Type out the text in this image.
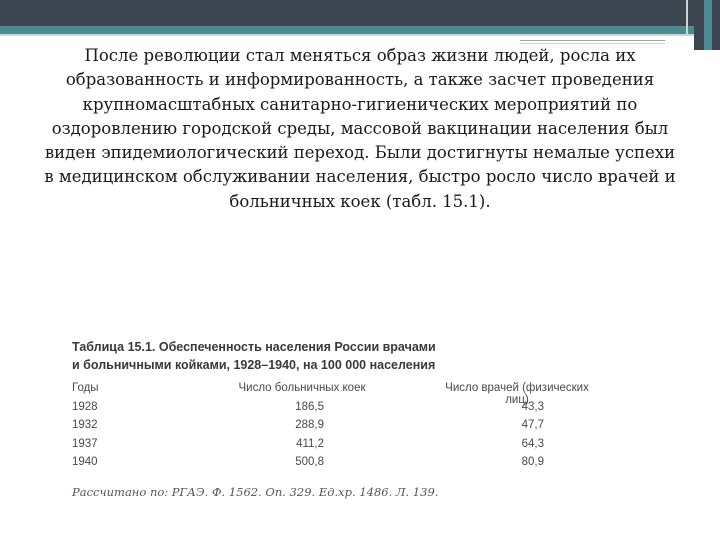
После революции стал меняться образ жизни людей, росла их образованность и информированность, а также засчет проведения крупномасштабных санитарно-гигиенических мероприятий по оздоровлению городской среды, массовой вакцинации населения был виден эпидемиологический переход. Были достигнуты немалые успехи в медицинском обслуживании населения, быстро росло число врачей и больничных коек (табл. 15.1).

Таблица 15.1. Обеспеченность населения России врачами
и больничными койками, 1928–1940, на 100 000 населения

Годы	Число больничных коек	Число врачей (физических лиц)
1928	186,5	43,3
1932	288,9	47,7
1937	411,2	64,3
1940	500,8	80,9
Рассчитано по: РГАЭ. Ф. 1562. Оп. 329. Ед.хр. 1486. Л. 139.
